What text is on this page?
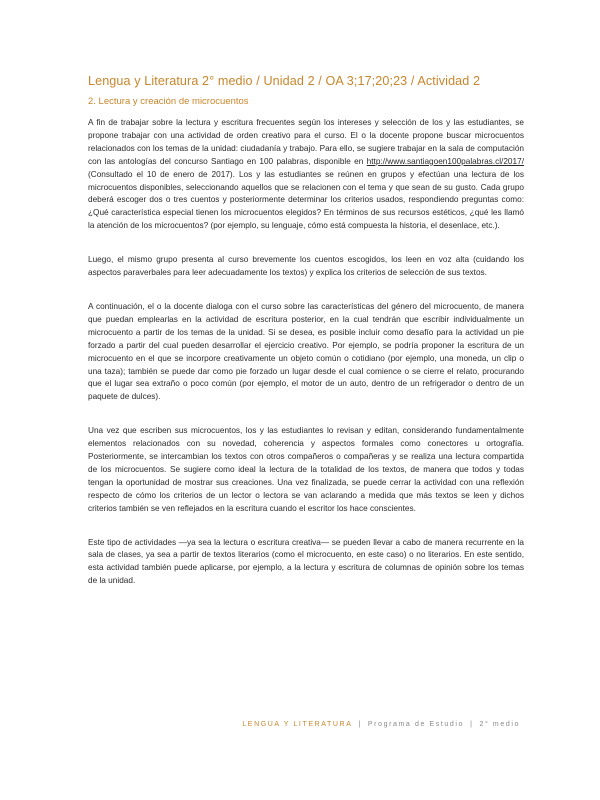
Lengua y Literatura 2° medio / Unidad 2 / OA 3;17;20;23 / Actividad 2
2. Lectura y creación de microcuentos

A fin de trabajar sobre la lectura y escritura frecuentes según los intereses y selección de los y las estudiantes, se propone trabajar con una actividad de orden creativo para el curso. El o la docente propone buscar microcuentos relacionados con los temas de la unidad: ciudadanía y trabajo. Para ello, se sugiere trabajar en la sala de computación con las antologías del concurso Santiago en 100 palabras, disponible en http://www.santiagoen100palabras.cl/2017/ (Consultado el 10 de enero de 2017). Los y las estudiantes se reúnen en grupos y efectúan una lectura de los microcuentos disponibles, seleccionando aquellos que se relacionen con el tema y que sean de su gusto. Cada grupo deberá escoger dos o tres cuentos y posteriormente determinar los criterios usados, respondiendo preguntas como: ¿Qué característica especial tienen los microcuentos elegidos? En términos de sus recursos estéticos, ¿qué les llamó la atención de los microcuentos? (por ejemplo, su lenguaje, cómo está compuesta la historia, el desenlace, etc.).

Luego, el mismo grupo presenta al curso brevemente los cuentos escogidos, los leen en voz alta (cuidando los aspectos paraverbales para leer adecuadamente los textos) y explica los criterios de selección de sus textos.

A continuación, el o la docente dialoga con el curso sobre las características del género del microcuento, de manera que puedan emplearlas en la actividad de escritura posterior, en la cual tendrán que escribir individualmente un microcuento a partir de los temas de la unidad. Si se desea, es posible incluir como desafío para la actividad un pie forzado a partir del cual pueden desarrollar el ejercicio creativo. Por ejemplo, se podría proponer la escritura de un microcuento en el que se incorpore creativamente un objeto común o cotidiano (por ejemplo, una moneda, un clip o una taza); también se puede dar como pie forzado un lugar desde el cual comience o se cierre el relato, procurando que el lugar sea extraño o poco común (por ejemplo, el motor de un auto, dentro de un refrigerador o dentro de un paquete de dulces).

Una vez que escriben sus microcuentos, los y las estudiantes lo revisan y editan, considerando fundamentalmente elementos relacionados con su novedad, coherencia y aspectos formales como conectores u ortografía. Posteriormente, se intercambian los textos con otros compañeros o compañeras y se realiza una lectura compartida de los microcuentos. Se sugiere como ideal la lectura de la totalidad de los textos, de manera que todos y todas tengan la oportunidad de mostrar sus creaciones. Una vez finalizada, se puede cerrar la actividad con una reflexión respecto de cómo los criterios de un lector o lectora se van aclarando a medida que más textos se leen y dichos criterios también se ven reflejados en la escritura cuando el escritor los hace conscientes.

Este tipo de actividades —ya sea la lectura o escritura creativa— se pueden llevar a cabo de manera recurrente en la sala de clases, ya sea a partir de textos literarios (como el microcuento, en este caso) o no literarios. En este sentido, esta actividad también puede aplicarse, por ejemplo, a la lectura y escritura de columnas de opinión sobre los temas de la unidad.

LENGUA Y LITERATURA | Programa de Estudio | 2° medio
